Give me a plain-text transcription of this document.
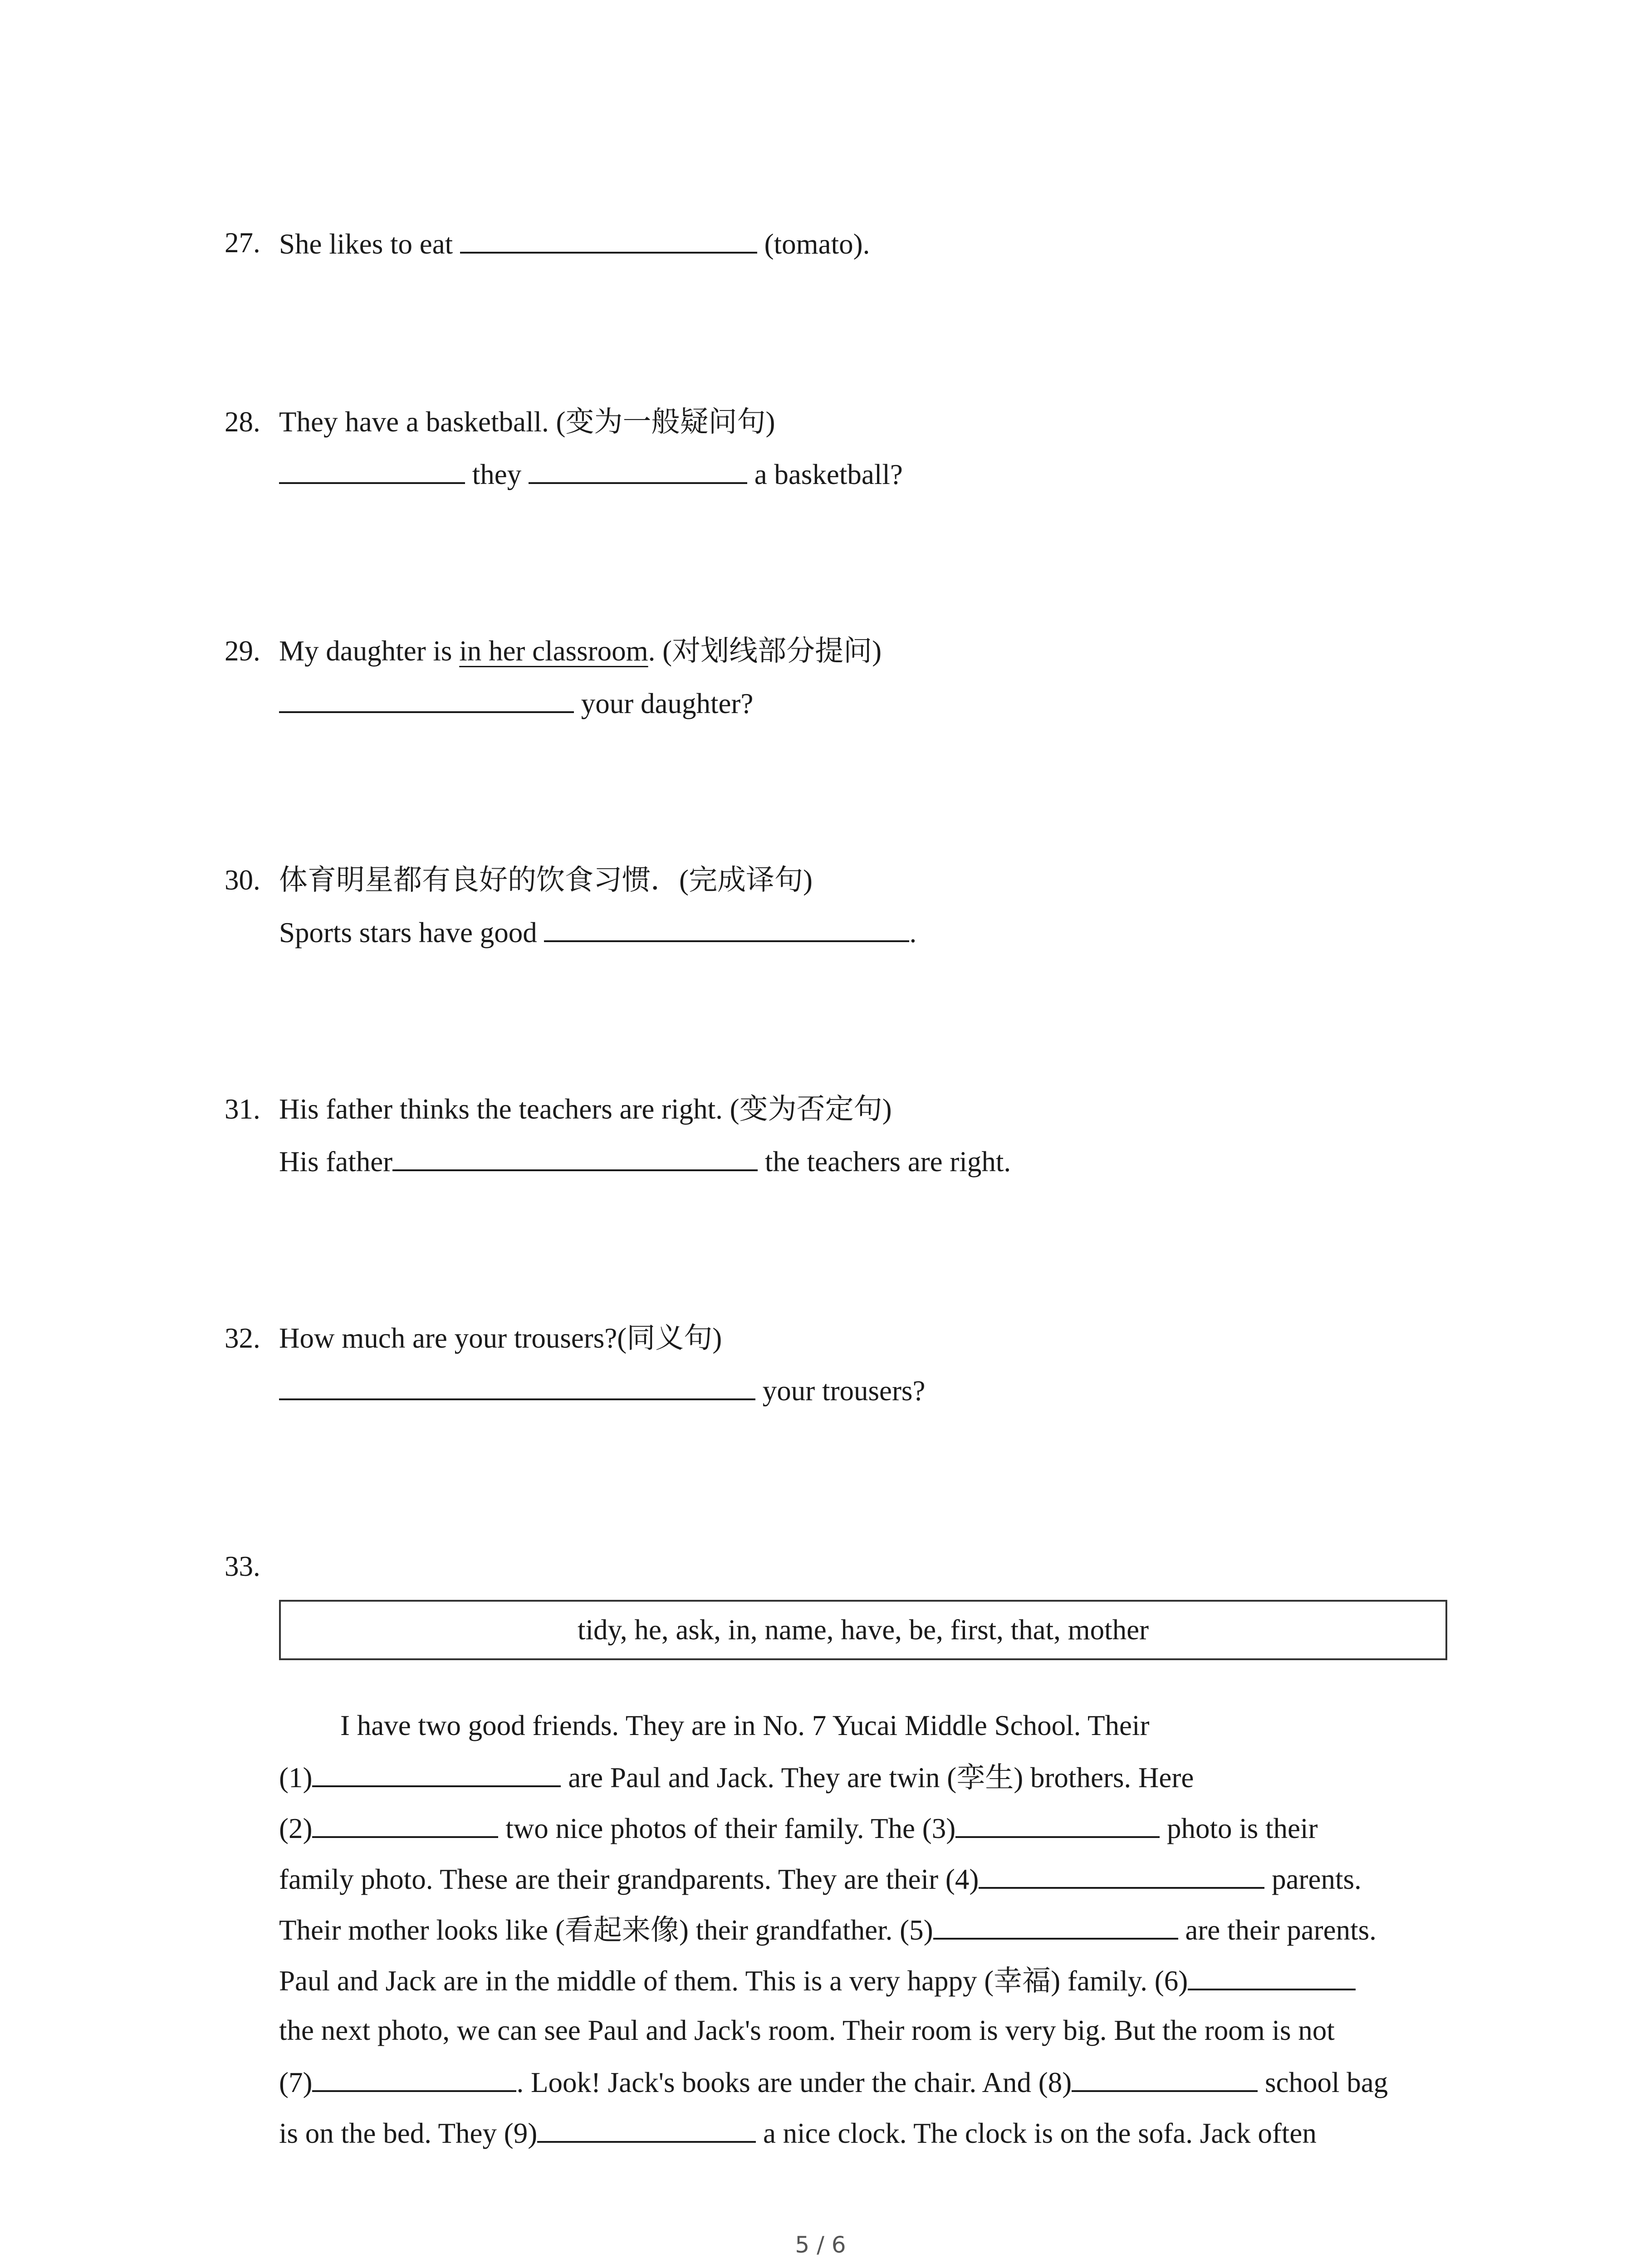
27. She likes to eat	(tomato).
28. They have a basketball. (变为一般疑问句)
they	a basketball?
29. My daughter is in her classroom. (对划线部分提问)
your daughter?
30. 体育明星都有良好的饮食习惯．(完成译句)
Sports stars have good	.
31. His father thinks the teachers are right. (变为否定句)
His father	the teachers are right.
32. How much are your trousers?(同义句)
your trousers?
33.
tidy, he, ask, in, name, have, be, first, that, mother
I have two good friends. They are in No. 7 Yucai Middle School. Their
(1)	are Paul and Jack. They are twin (孪生) brothers. Here
(2)	two nice photos of their family. The (3)	photo is their
family photo. These are their grandparents. They are their (4)	parents.
Their mother looks like (看起来像) their grandfather. (5)	are their parents.
Paul and Jack are in the middle of them. This is a very happy (幸福) family. (6)
the next photo, we can see Paul and Jack's room. Their room is very big. But the room is not
(7)	. Look! Jack's books are under the chair. And (8)	school bag
is on the bed. They (9)	a nice clock. The clock is on the sofa. Jack often
5 / 6
